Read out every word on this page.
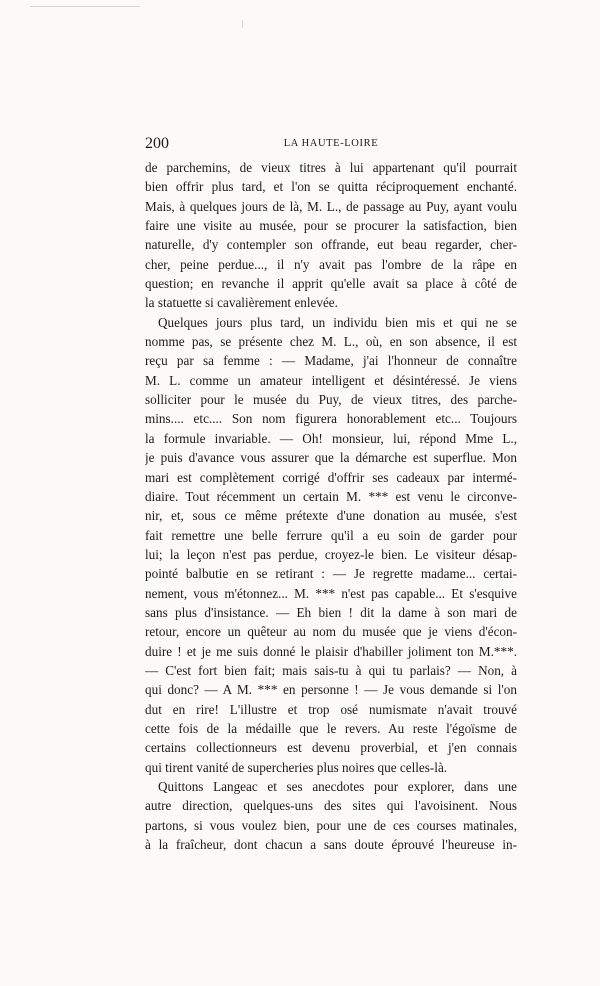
200	LA HAUTE-LOIRE
de parchemins, de vieux titres à lui appartenant qu'il pourrait
bien offrir plus tard, et l'on se quitta réciproquement enchanté.
Mais, à quelques jours de là, M. L., de passage au Puy, ayant voulu
faire une visite au musée, pour se procurer la satisfaction, bien
naturelle, d'y contempler son offrande, eut beau regarder, cher-
cher, peine perdue..., il n'y avait pas l'ombre de la râpe en
question; en revanche il apprit qu'elle avait sa place à côté de
la statuette si cavalièrement enlevée.
Quelques jours plus tard, un individu bien mis et qui ne se
nomme pas, se présente chez M. L., où, en son absence, il est
reçu par sa femme : — Madame, j'ai l'honneur de connaître
M. L. comme un amateur intelligent et désintéressé. Je viens
solliciter pour le musée du Puy, de vieux titres, des parche-
mins.... etc.... Son nom figurera honorablement etc... Toujours
la formule invariable. — Oh! monsieur, lui, répond Mme L.,
je puis d'avance vous assurer que la démarche est superflue. Mon
mari est complètement corrigé d'offrir ses cadeaux par intermé-
diaire. Tout récemment un certain M. *** est venu le circonve-
nir, et, sous ce même prétexte d'une donation au musée, s'est
fait remettre une belle ferrure qu'il a eu soin de garder pour
lui; la leçon n'est pas perdue, croyez-le bien. Le visiteur désap-
pointé balbutie en se retirant : — Je regrette madame... certai-
nement, vous m'étonnez... M. *** n'est pas capable... Et s'esquive
sans plus d'insistance. — Eh bien ! dit la dame à son mari de
retour, encore un quêteur au nom du musée que je viens d'écon-
duire ! et je me suis donné le plaisir d'habiller joliment ton M.***.
— C'est fort bien fait; mais sais-tu à qui tu parlais? — Non, à
qui donc? — A M. *** en personne ! — Je vous demande si l'on
dut en rire! L'illustre et trop osé numismate n'avait trouvé
cette fois de la médaille que le revers. Au reste l'égoïsme de
certains collectionneurs est devenu proverbial, et j'en connais
qui tirent vanité de supercheries plus noires que celles-là.
Quittons Langeac et ses anecdotes pour explorer, dans une
autre direction, quelques-uns des sites qui l'avoisinent. Nous
partons, si vous voulez bien, pour une de ces courses matinales,
à la fraîcheur, dont chacun a sans doute éprouvé l'heureuse in-
